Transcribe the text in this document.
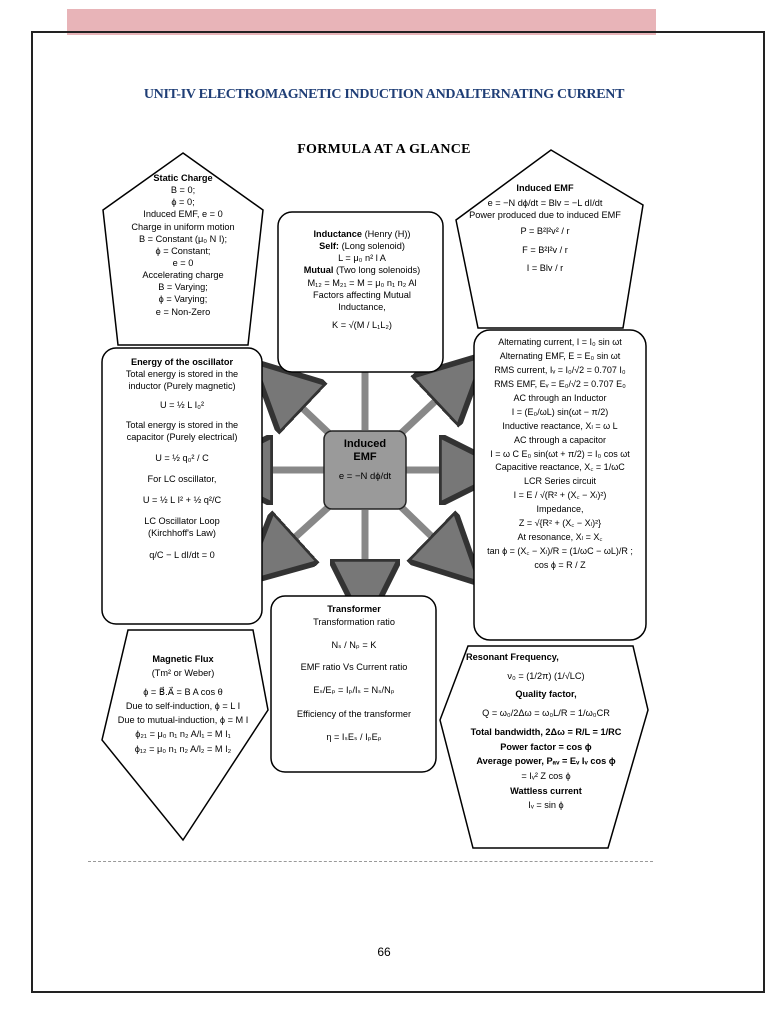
UNIT-IV ELECTROMAGNETIC INDUCTION ANDALTERNATING CURRENT
FORMULA AT A GLANCE
Induced EMF
e = −N dϕ/dt
Static Charge
B = 0;
ϕ = 0;
Induced EMF, e = 0
Charge in uniform motion
B = Constant (μ₀ N I);
ϕ = Constant;
e = 0
Accelerating charge
B = Varying;
ϕ = Varying;
e = Non-Zero
Inductance (Henry (H))
Self: (Long solenoid)
L = μ₀ n² l A
Mutual (Two long solenoids)
M₁₂ = M₂₁ = M = μ₀ n₁ n₂ Al
Factors affecting Mutual
Inductance,
K = √(M / L₁L₂)
Induced EMF
e = −N dϕ/dt = Blv = −L dI/dt
Power produced due to induced EMF
P = B²l²v² / r
F = B²l²v / r
I = Blv / r
Energy of the oscillator
Total energy is stored in the
inductor (Purely magnetic)
U = ½ L I₀²
Total energy is stored in the
capacitor (Purely electrical)
U = ½ q₀² / C
For LC oscillator,
U = ½ L I² + ½ q²/C
LC Oscillator Loop
(Kirchhoff's Law)
q/C − L dI/dt = 0
Alternating current, I = I₀ sin ωt
Alternating EMF, E = E₀ sin ωt
RMS current, Iᵥ = I₀/√2 = 0.707 I₀
RMS EMF, Eᵥ = E₀/√2 = 0.707 E₀
AC through an Inductor
I = (E₀/ωL) sin(ωt − π/2)
Inductive reactance, Xₗ = ω L
AC through a capacitor
I = ω C E₀ sin(ωt + π/2) = I₀ cos ωt
Capacitive reactance, X꜀ = 1/ωC
LCR Series circuit
I = E / √(R² + (X꜀ − Xₗ)²)
Impedance,
Z = √{R² + (X꜀ − Xₗ)²}
At resonance, Xₗ = X꜀
tan ϕ = (X꜀ − Xₗ)/R = (1/ωC − ωL)/R ;
cos ϕ = R / Z
Transformer
Transformation ratio
Nₛ / Nₚ = K
EMF ratio Vs Current ratio
Eₛ/Eₚ = Iₚ/Iₛ = Nₛ/Nₚ
Efficiency of the transformer
η = IₛEₛ / IₚEₚ
Magnetic Flux
(Tm² or Weber)
ϕ = B⃗.A⃗ = B A cos θ
Due to self-induction, ϕ = L I
Due to mutual-induction, ϕ = M I
ϕ₂₁ = μ₀ n₁ n₂ A/l₁ = M I₁
ϕ₁₂ = μ₀ n₁ n₂ A/l₂ = M I₂
Resonant Frequency,
ν₀ = (1/2π) (1/√LC)
Quality factor,
Q = ω₀/2Δω = ω₀L/R = 1/ω₀CR
Total bandwidth, 2Δω = R/L = 1/RC
Power factor = cos ϕ
Average power, Pₐᵥ = Eᵥ Iᵥ cos ϕ
= Iᵥ² Z cos ϕ
Wattless current
Iᵥ = sin ϕ
66
